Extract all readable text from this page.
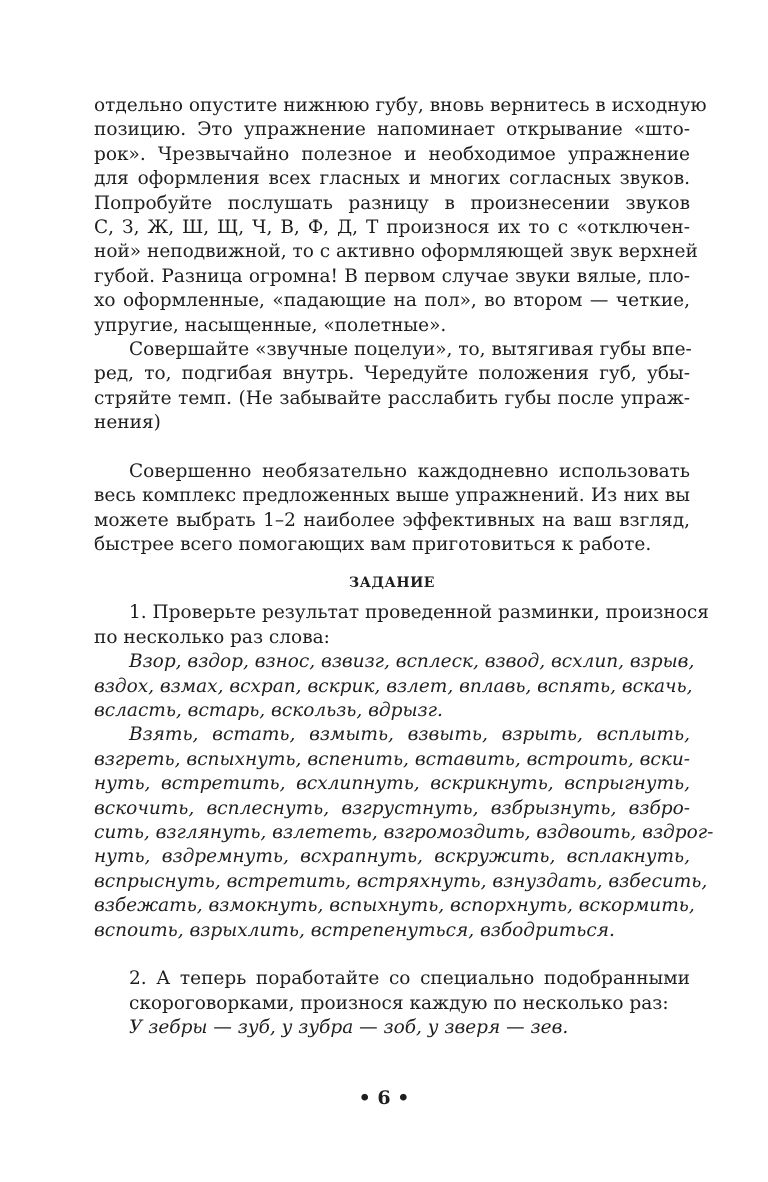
отдельно опустите нижнюю губу, вновь вернитесь в исходную
позицию. Это упражнение напоминает открывание «што-
рок». Чрезвычайно полезное и необходимое упражнение
для оформления всех гласных и многих согласных звуков.
Попробуйте послушать разницу в произнесении звуков
С, З, Ж, Ш, Щ, Ч, В, Ф, Д, Т произнося их то с «отключен-
ной» неподвижной, то с активно оформляющей звук верхней
губой. Разница огромна! В первом случае звуки вялые, пло-
хо оформленные, «падающие на пол», во втором — четкие,
упругие, насыщенные, «полетные».
Совершайте «звучные поцелуи», то, вытягивая губы впе-
ред, то, подгибая внутрь. Чередуйте положения губ, убы-
стряйте темп. (Не забывайте расслабить губы после упраж-
нения)
Совершенно необязательно каждодневно использовать
весь комплекс предложенных выше упражнений. Из них вы
можете выбрать 1–2 наиболее эффективных на ваш взгляд,
быстрее всего помогающих вам приготовиться к работе.
ЗАДАНИЕ
1. Проверьте результат проведенной разминки, произнося
по несколько раз слова:
Взор, вздор, взнос, взвизг, всплеск, взвод, всхлип, взрыв,
вздох, взмах, всхрап, вскрик, взлет, вплавь, вспять, вскачь,
всласть, встарь, вскользь, вдрызг.
Взять, встать, взмыть, взвыть, взрыть, всплыть,
взгреть, вспыхнуть, вспенить, вставить, встроить, вски-
нуть, встретить, всхлипнуть, вскрикнуть, вспрыгнуть,
вскочить, всплеснуть, взгрустнуть, взбрызнуть, взбро-
сить, взглянуть, взлететь, взгромоздить, вздвоить, вздрог-
нуть, вздремнуть, всхрапнуть, вскружить, всплакнуть,
вспрыснуть, встретить, встряхнуть, взнуздать, взбесить,
взбежать, взмокнуть, вспыхнуть, вспорхнуть, вскормить,
вспоить, взрыхлить, встрепенуться, взбодриться.
2. А теперь поработайте со специально подобранными
скороговорками, произнося каждую по несколько раз:
У зебры — зуб, у зубра — зоб, у зверя — зев.
• 6 •
